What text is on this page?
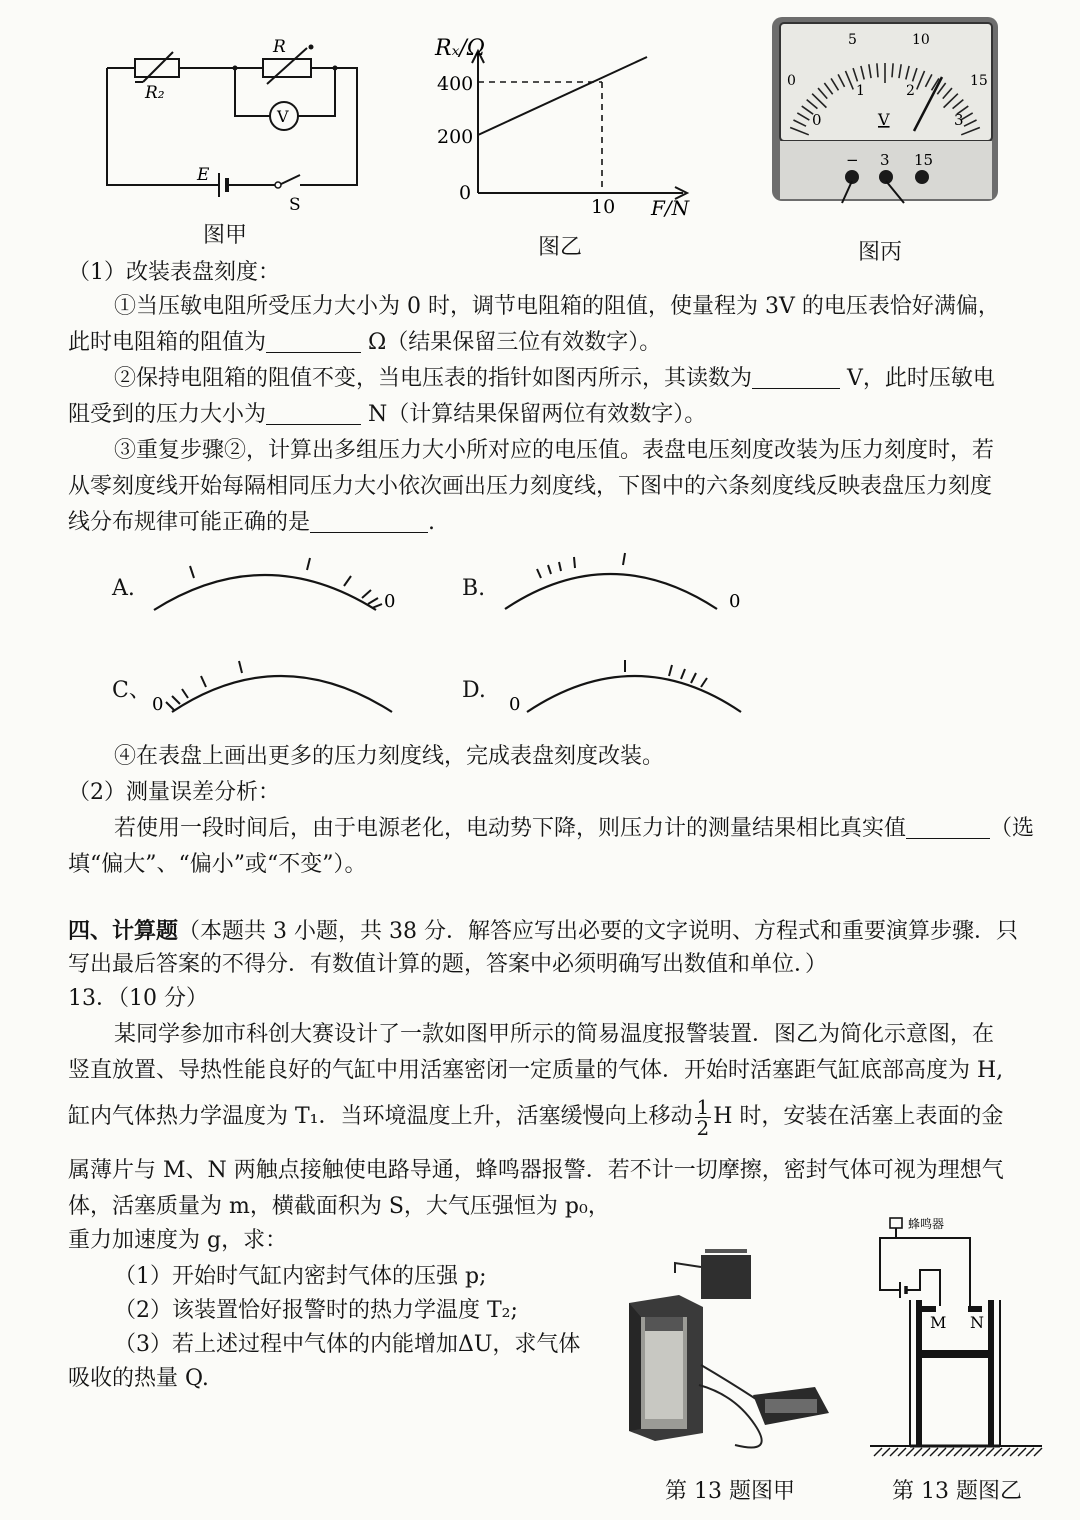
R₂
R
V
E
S
图甲
Rₓ/Ω
400
200
0
10 F/N
图乙
5	10
0	15
1	2
0	3
V
− 3 15
图丙
（1）改装表盘刻度：
①当压敏电阻所受压力大小为 0 时，调节电阻箱的阻值，使量程为 3V 的电压表恰好满偏，
此时电阻箱的阻值为	Ω（结果保留三位有效数字）。
②保持电阻箱的阻值不变，当电压表的指针如图丙所示，其读数为	V，此时压敏电
阻受到的压力大小为	N（计算结果保留两位有效数字）。
③重复步骤②，计算出多组压力大小所对应的电压值。表盘电压刻度改装为压力刻度时，若
从零刻度线开始每隔相同压力大小依次画出压力刻度线，下图中的六条刻度线反映表盘压力刻度
线分布规律可能正确的是	.
A.
0
B.
0
C、
0
D.
0
④在表盘上画出更多的压力刻度线，完成表盘刻度改装。
（2）测量误差分析：
若使用一段时间后，由于电源老化，电动势下降，则压力计的测量结果相比真实值	（选
填“偏大”、“偏小”或“不变”）。
四、计算题（本题共 3 小题，共 38 分．解答应写出必要的文字说明、方程式和重要演算步骤．只
写出最后答案的不得分．有数值计算的题，答案中必须明确写出数值和单位．）
13．（10 分）
某同学参加市科创大赛设计了一款如图甲所示的简易温度报警装置．图乙为简化示意图，在
竖直放置、导热性能良好的气缸中用活塞密闭一定质量的气体．开始时活塞距气缸底部高度为 H,
缸内气体热力学温度为 T₁．当环境温度上升，活塞缓慢向上移动 $\frac{1}{2}$ H 时，安装在活塞上表面的金
属薄片与 M、N 两触点接触使电路导通，蜂鸣器报警．若不计一切摩擦，密封气体可视为理想气
体，活塞质量为 m，横截面积为 S，大气压强恒为 p₀，
重力加速度为 g，求：
（1）开始时气缸内密封气体的压强 p;
（2）该装置恰好报警时的热力学温度 T₂;
（3）若上述过程中气体的内能增加ΔU，求气体
吸收的热量 Q.
第 13 题图甲
蜂鸣器
M N
第 13 题图乙
